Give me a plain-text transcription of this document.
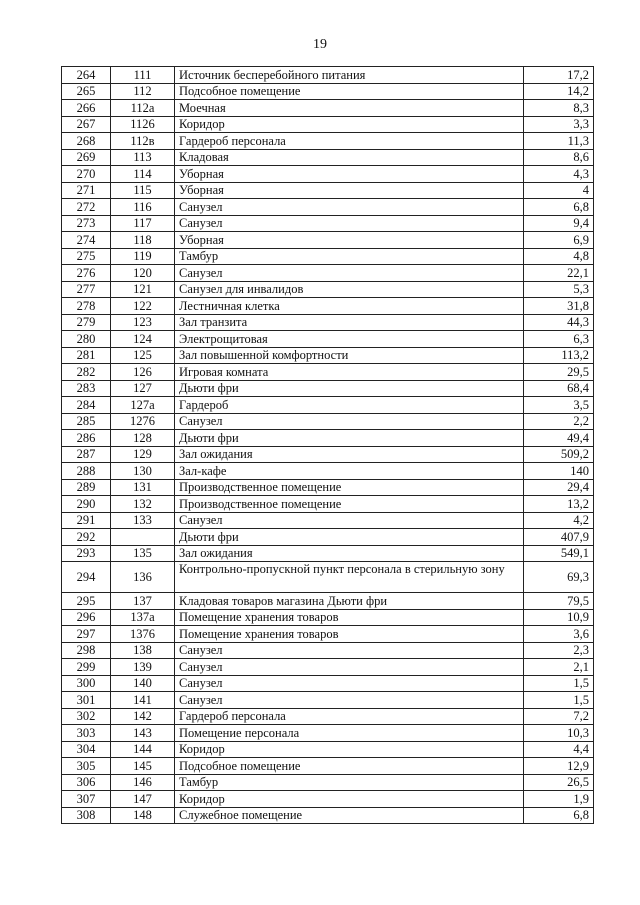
19
264	111	Источник бесперебойного питания	17,2
265	112	Подсобное помещение	14,2
266	112а	Моечная	8,3
267	1126	Коридор	3,3
268	112в	Гардероб персонала	11,3
269	113	Кладовая	8,6
270	114	Уборная	4,3
271	115	Уборная	4
272	116	Санузел	6,8
273	117	Санузел	9,4
274	118	Уборная	6,9
275	119	Тамбур	4,8
276	120	Санузел	22,1
277	121	Санузел для инвалидов	5,3
278	122	Лестничная клетка	31,8
279	123	Зал транзита	44,3
280	124	Электрощитовая	6,3
281	125	Зал повышенной комфортности	113,2
282	126	Игровая комната	29,5
283	127	Дьюти фри	68,4
284	127а	Гардероб	3,5
285	1276	Санузел	2,2
286	128	Дьюти фри	49,4
287	129	Зал ожидания	509,2
288	130	Зал-кафе	140
289	131	Производственное помещение	29,4
290	132	Производственное помещение	13,2
291	133	Санузел	4,2
292		Дьюти фри	407,9
293	135	Зал ожидания	549,1
294	136	Контрольно-пропускной пункт персонала в стерильную зону	69,3
295	137	Кладовая товаров магазина Дьюти фри	79,5
296	137а	Помещение хранения товаров	10,9
297	1376	Помещение хранения товаров	3,6
298	138	Санузел	2,3
299	139	Санузел	2,1
300	140	Санузел	1,5
301	141	Санузел	1,5
302	142	Гардероб персонала	7,2
303	143	Помещение персонала	10,3
304	144	Коридор	4,4
305	145	Подсобное помещение	12,9
306	146	Тамбур	26,5
307	147	Коридор	1,9
308	148	Служебное помещение	6,8
